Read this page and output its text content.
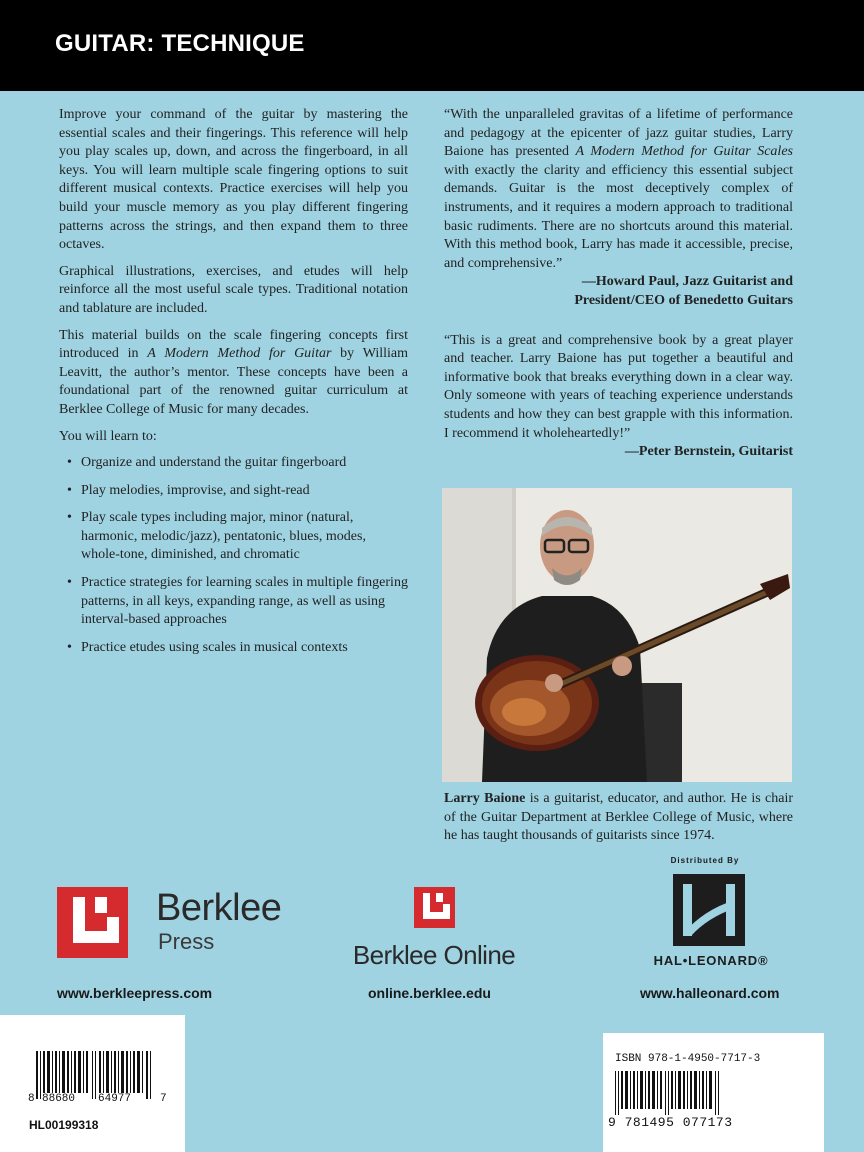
GUITAR: TECHNIQUE

Improve your command of the guitar by mastering the essential scales and their fingerings. This reference will help you play scales up, down, and across the fingerboard, in all keys. You will learn multiple scale fingering options to suit different musical contexts. Practice exercises will help you build your muscle memory as you play different fingering patterns across the strings, and then expand them to three octaves.

Graphical illustrations, exercises, and etudes will help reinforce all the most useful scale types. Traditional notation and tablature are included.

This material builds on the scale fingering concepts first introduced in A Modern Method for Guitar by William Leavitt, the author’s mentor. These concepts have been a foundational part of the renowned guitar curriculum at Berklee College of Music for many decades.

You will learn to:

• Organize and understand the guitar fingerboard
• Play melodies, improvise, and sight-read
• Play scale types including major, minor (natural, harmonic, melodic/jazz), pentatonic, blues, modes, whole-tone, diminished, and chromatic
• Practice strategies for learning scales in multiple fingering patterns, in all keys, expanding range, as well as using interval-based approaches
• Practice etudes using scales in musical contexts

“With the unparalleled gravitas of a lifetime of performance and pedagogy at the epicenter of jazz guitar studies, Larry Baione has presented A Modern Method for Guitar Scales with exactly the clarity and efficiency this essential subject demands. Guitar is the most deceptively complex of instruments, and it requires a modern approach to traditional basic rudiments. There are no shortcuts around this material. With this method book, Larry has made it accessible, precise, and comprehensive.”

—Howard Paul, Jazz Guitarist and

President/CEO of Benedetto Guitars

“This is a great and comprehensive book by a great player and teacher. Larry Baione has put together a beautiful and informative book that breaks everything down in a clear way. Only someone with years of teaching experience understands students and how they can best grapple with this information. I recommend it wholeheartedly!”

—Peter Bernstein, Guitarist

Larry Baione is a guitarist, educator, and author. He is chair of the Guitar Department at Berklee College of Music, where he has taught thousands of guitarists since 1974.
Berklee
Press	Berklee Online
Distributed By
HAL•LEONARD®
www.berkleepress.com	online.berklee.edu	www.halleonard.com
8 88680 64977	7
HL00199318
ISBN 978-1-4950-7717-3
9 781495 077173
